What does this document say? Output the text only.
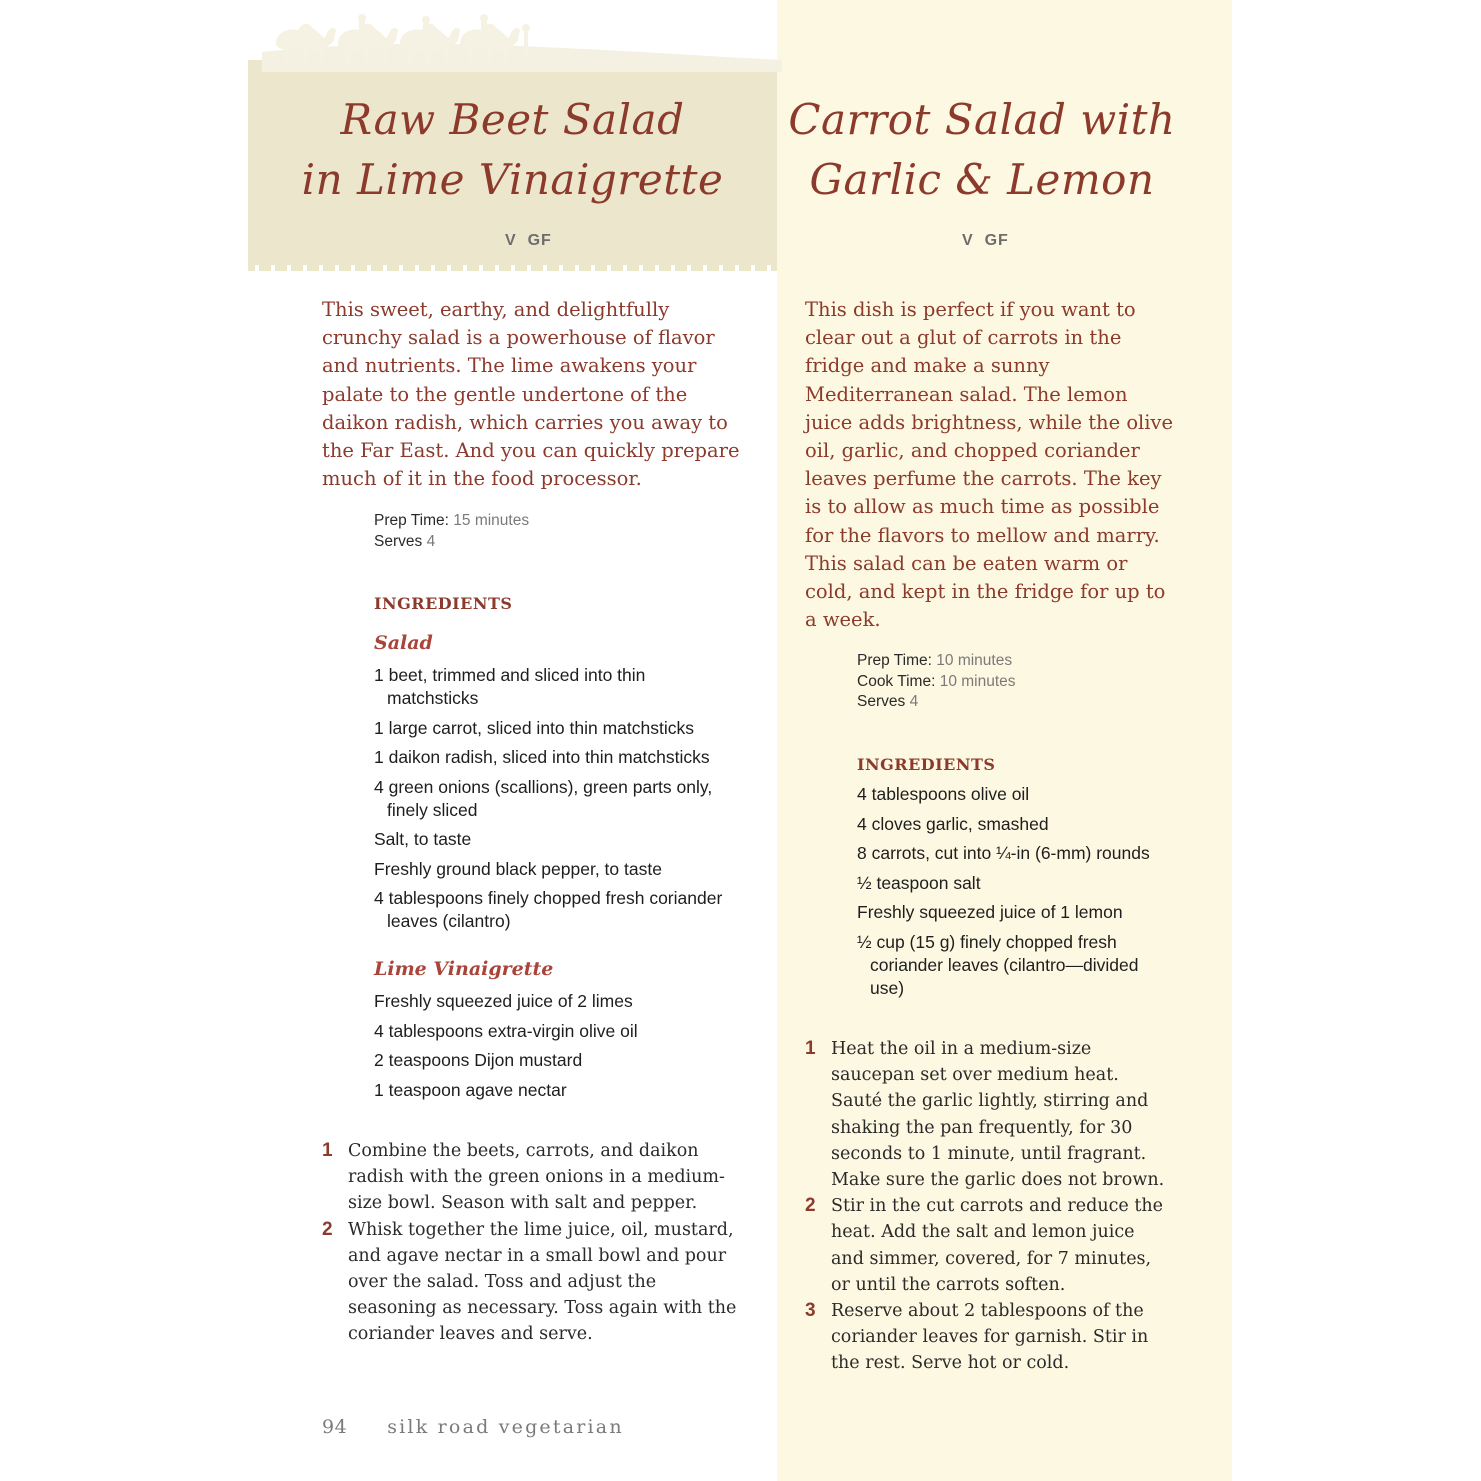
Raw Beet Salad
in Lime Vinaigrette
V  GF

This sweet, earthy, and delightfully crunchy salad is a powerhouse of flavor and nutrients. The lime awakens your palate to the gentle undertone of the daikon radish, which carries you away to the Far East. And you can quickly prepare much of it in the food processor.

Prep Time: 15 minutes
Serves 4
INGREDIENTS
Salad
1 beet, trimmed and sliced into thin matchsticks
1 large carrot, sliced into thin matchsticks
1 daikon radish, sliced into thin matchsticks
4 green onions (scallions), green parts only, finely sliced
Salt, to taste
Freshly ground black pepper, to taste
4 tablespoons finely chopped fresh coriander leaves (cilantro)
Lime Vinaigrette
Freshly squeezed juice of 2 limes
4 tablespoons extra-virgin olive oil
2 teaspoons Dijon mustard
1 teaspoon agave nectar
1 Combine the beets, carrots, and daikon radish with the green onions in a medium-size bowl. Season with salt and pepper.
2 Whisk together the lime juice, oil, mustard, and agave nectar in a small bowl and pour over the salad. Toss and adjust the seasoning as necessary. Toss again with the coriander leaves and serve.
Carrot Salad with
Garlic & Lemon
V  GF

This dish is perfect if you want to clear out a glut of carrots in the fridge and make a sunny Mediterranean salad. The lemon juice adds brightness, while the olive oil, garlic, and chopped coriander leaves perfume the carrots. The key is to allow as much time as possible for the flavors to mellow and marry. This salad can be eaten warm or cold, and kept in the fridge for up to a week.

Prep Time: 10 minutes
Cook Time: 10 minutes
Serves 4
INGREDIENTS
4 tablespoons olive oil
4 cloves garlic, smashed
8 carrots, cut into ¼-in (6-mm) rounds
½ teaspoon salt
Freshly squeezed juice of 1 lemon
½ cup (15 g) finely chopped fresh coriander leaves (cilantro—divided use)
1 Heat the oil in a medium-size saucepan set over medium heat. Sauté the garlic lightly, stirring and shaking the pan frequently, for 30 seconds to 1 minute, until fragrant. Make sure the garlic does not brown.
2 Stir in the cut carrots and reduce the heat. Add the salt and lemon juice and simmer, covered, for 7 minutes, or until the carrots soften.
3 Reserve about 2 tablespoons of the coriander leaves for garnish. Stir in the rest. Serve hot or cold.
94 silk road vegetarian
